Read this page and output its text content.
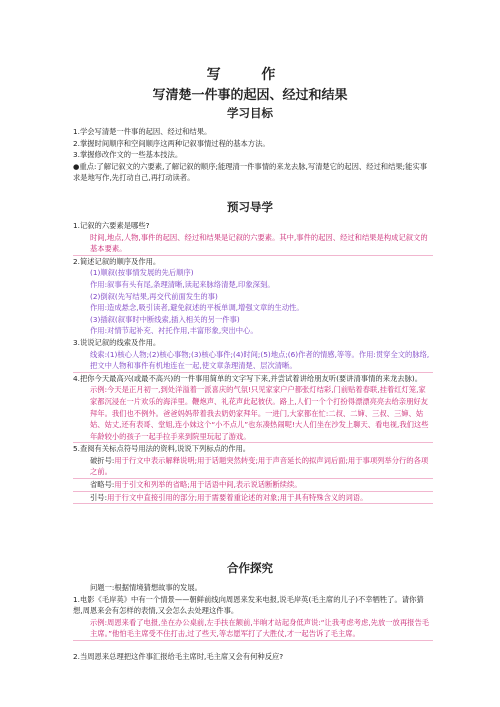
写 作
写清楚一件事的起因、经过和结果
学习目标

1.学会写清楚一件事的起因、经过和结果。

2.掌握时间顺序和空间顺序这两种记叙事情过程的基本方法。

3.掌握修改作文的一些基本技法。

●重点:了解记叙文的六要素,了解记叙的顺序;能理清一件事情的来龙去脉,写清楚它的起因、经过和结果;能实事求是地写作,先打动自己,再打动读者。

预习导学

1.记叙的六要素是哪些?

时间,地点,人物,事件的起因、经过和结果是记叙的六要素。其中,事件的起因、经过和结果是构成记叙文的基本要素。

2.简述记叙的顺序及作用。

(1)顺叙(按事情发展的先后顺序)

作用:叙事有头有尾,条理清晰,读起来脉络清楚,印象深刻。

(2)倒叙(先写结果,再交代前面发生的事)

作用:造成悬念,吸引读者,避免叙述的平板单调,增强文章的生动性。

(3)插叙(叙事时中断线索,插入相关的另一件事)

作用:对情节起补充、衬托作用,丰富形象,突出中心。

3.说说记叙的线索及作用。

线索:(1)核心人物;(2)核心事物;(3)核心事件;(4)时间;(5)地点;(6)作者的情感,等等。作用:贯穿全文的脉络,把文中人物和事件有机地连在一起,使文章条理清楚、层次清晰。

4.把你今天最高兴(或最不高兴)的一件事用简单的文字写下来,并尝试着讲给朋友听(要讲清事情的来龙去脉)。

示例:今天是正月初一,到处洋溢着一派喜庆的气氛!只见家家户户都张灯结彩,门前贴着春联,挂着红灯笼,家家都沉浸在一片欢乐的海洋里。鞭炮声、礼花声此起彼伏。路上,人们一个个打扮得漂漂亮亮去给亲朋好友拜年。我们也不例外。爸爸妈妈带着我去奶奶家拜年。一进门,大家都在忙:二叔、二婶、三叔、三婶、姑姑、姑丈,还有表哥、堂姐,连小妹这个“小不点儿”也东凑热闹呢!大人们坐在沙发上聊天、看电视,我们这些年龄较小的孩子一起手拉手来到院里玩起了游戏。

5.查阅有关标点符号用法的资料,说说下列标点的作用。

破折号:用于行文中表示解释说明;用于话题突然转变;用于声音延长的拟声词后面;用于事项列举分行的各项之前。

省略号:用于引文和列举的省略;用于话语中间,表示说话断断续续。

引号:用于行文中直接引用的部分;用于需要着重论述的对象;用于具有特殊含义的词语。

合作探究

问题一:根据情境猜想故事的发展。

1.电影《毛岸英》中有一个情景——朝鲜前线向周恩来发来电报,说毛岸英(毛主席的儿子)不幸牺牲了。请你猜想,周恩来会有怎样的表情,又会怎么去处理这件事。

示例:周恩来看了电报,坐在办公桌前,左手扶在额前,半晌才站起身低声说:“让我考虑考虑,先放一放再报告毛主席。”他怕毛主席受不住打击,过了些天,等志愿军打了大胜仗,才一起告诉了毛主席。

2.当周恩来总理把这件事汇报给毛主席时,毛主席又会有何种反应?
